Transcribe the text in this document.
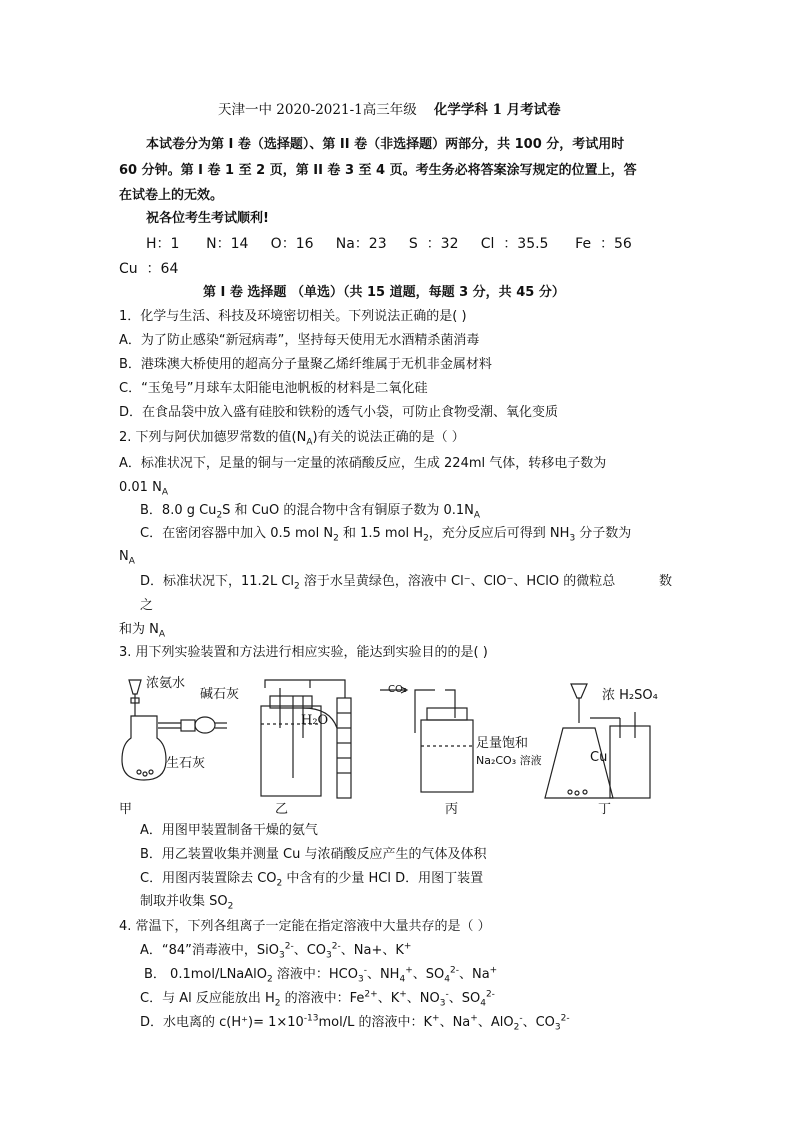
天津一中 2020-2021-1高三年级 化学学科 1 月考试卷
本试卷分为第 I 卷（选择题）、第 II 卷（非选择题）两部分，共 100 分，考试用时
60 分钟。第 I 卷 1 至 2 页，第 II 卷 3 至 4 页。考生务必将答案涂写规定的位置上，答
在试卷上的无效。
祝各位考生考试顺利!
H：1      N：14     O：16     Na：23     S  ：32     Cl  ：35.5      Fe  ：56
Cu  ：64
第 I 卷 选择题 （单选）（共 15 道题，每题 3 分，共 45 分）
1．化学与生活、科技及环境密切相关。下列说法正确的是( )
A．为了防止感染“新冠病毒”，坚持每天使用无水酒精杀菌消毒
B．港珠澳大桥使用的超高分子量聚乙烯纤维属于无机非金属材料
C．“玉兔号”月球车太阳能电池帆板的材料是二氧化硅
D．在食品袋中放入盛有硅胶和铁粉的透气小袋，可防止食物受潮、氧化变质
2. 下列与阿伏加德罗常数的值$(N_A)$有关的说法正确的是（ ）
A．标准状况下，足量的铜与一定量的浓硝酸反应，生成 224ml 气体，转移电子数为
0.01 $N_A$
B．8.0 g $Cu_2S$ 和 CuO 的混合物中含有铜原子数为 $0.1N_A$
C．在密闭容器中加入 0.5 mol $N_2$ 和 1.5 mol $H_2$，充分反应后可得到 $NH_3$ 分子数为
$N_A$
D．标准状况下，11.2L $Cl_2$ 溶于水呈黄绿色，溶液中 Cl⁻、ClO⁻、HClO 的微粒总	数
之
和为 $N_A$
3. 用下列实验装置和方法进行相应实验，能达到实验目的的是( )
浓氨水
碱石灰
生石灰
H₂O
CO₂
足量饱和
Na₂CO₃ 溶液
浓 H₂SO₄
Cu
甲	乙	丙	丁
A．用图甲装置制备干燥的氨气
B．用乙装置收集并测量 Cu 与浓硝酸反应产生的气体及体积
C．用图丙装置除去 $CO_2$ 中含有的少量 HCl D．用图丁装置
制取并收集 $SO_2$
4. 常温下，下列各组离子一定能在指定溶液中大量共存的是（ ）
A．“84”消毒液中，SiO$_3^{2-}$、$CO_3^{2-}$、Na+、K+
B． 0.1mol/LNaAlO$_2$ 溶液中：$HCO_3^-$、$NH_4^+$、$SO_4^{2-}$、Na+
C．与 Al 反应能放出 $H_2$ 的溶液中：$Fe^{2+}$、K+、$NO_3^-$、$SO_4^{2-}$
D．水电离的 $c(H^+)= 1\times 10^{-13}mol/L$ 的溶液中：K+、Na+、AlO$_2$-、$CO_3^{2-}$
